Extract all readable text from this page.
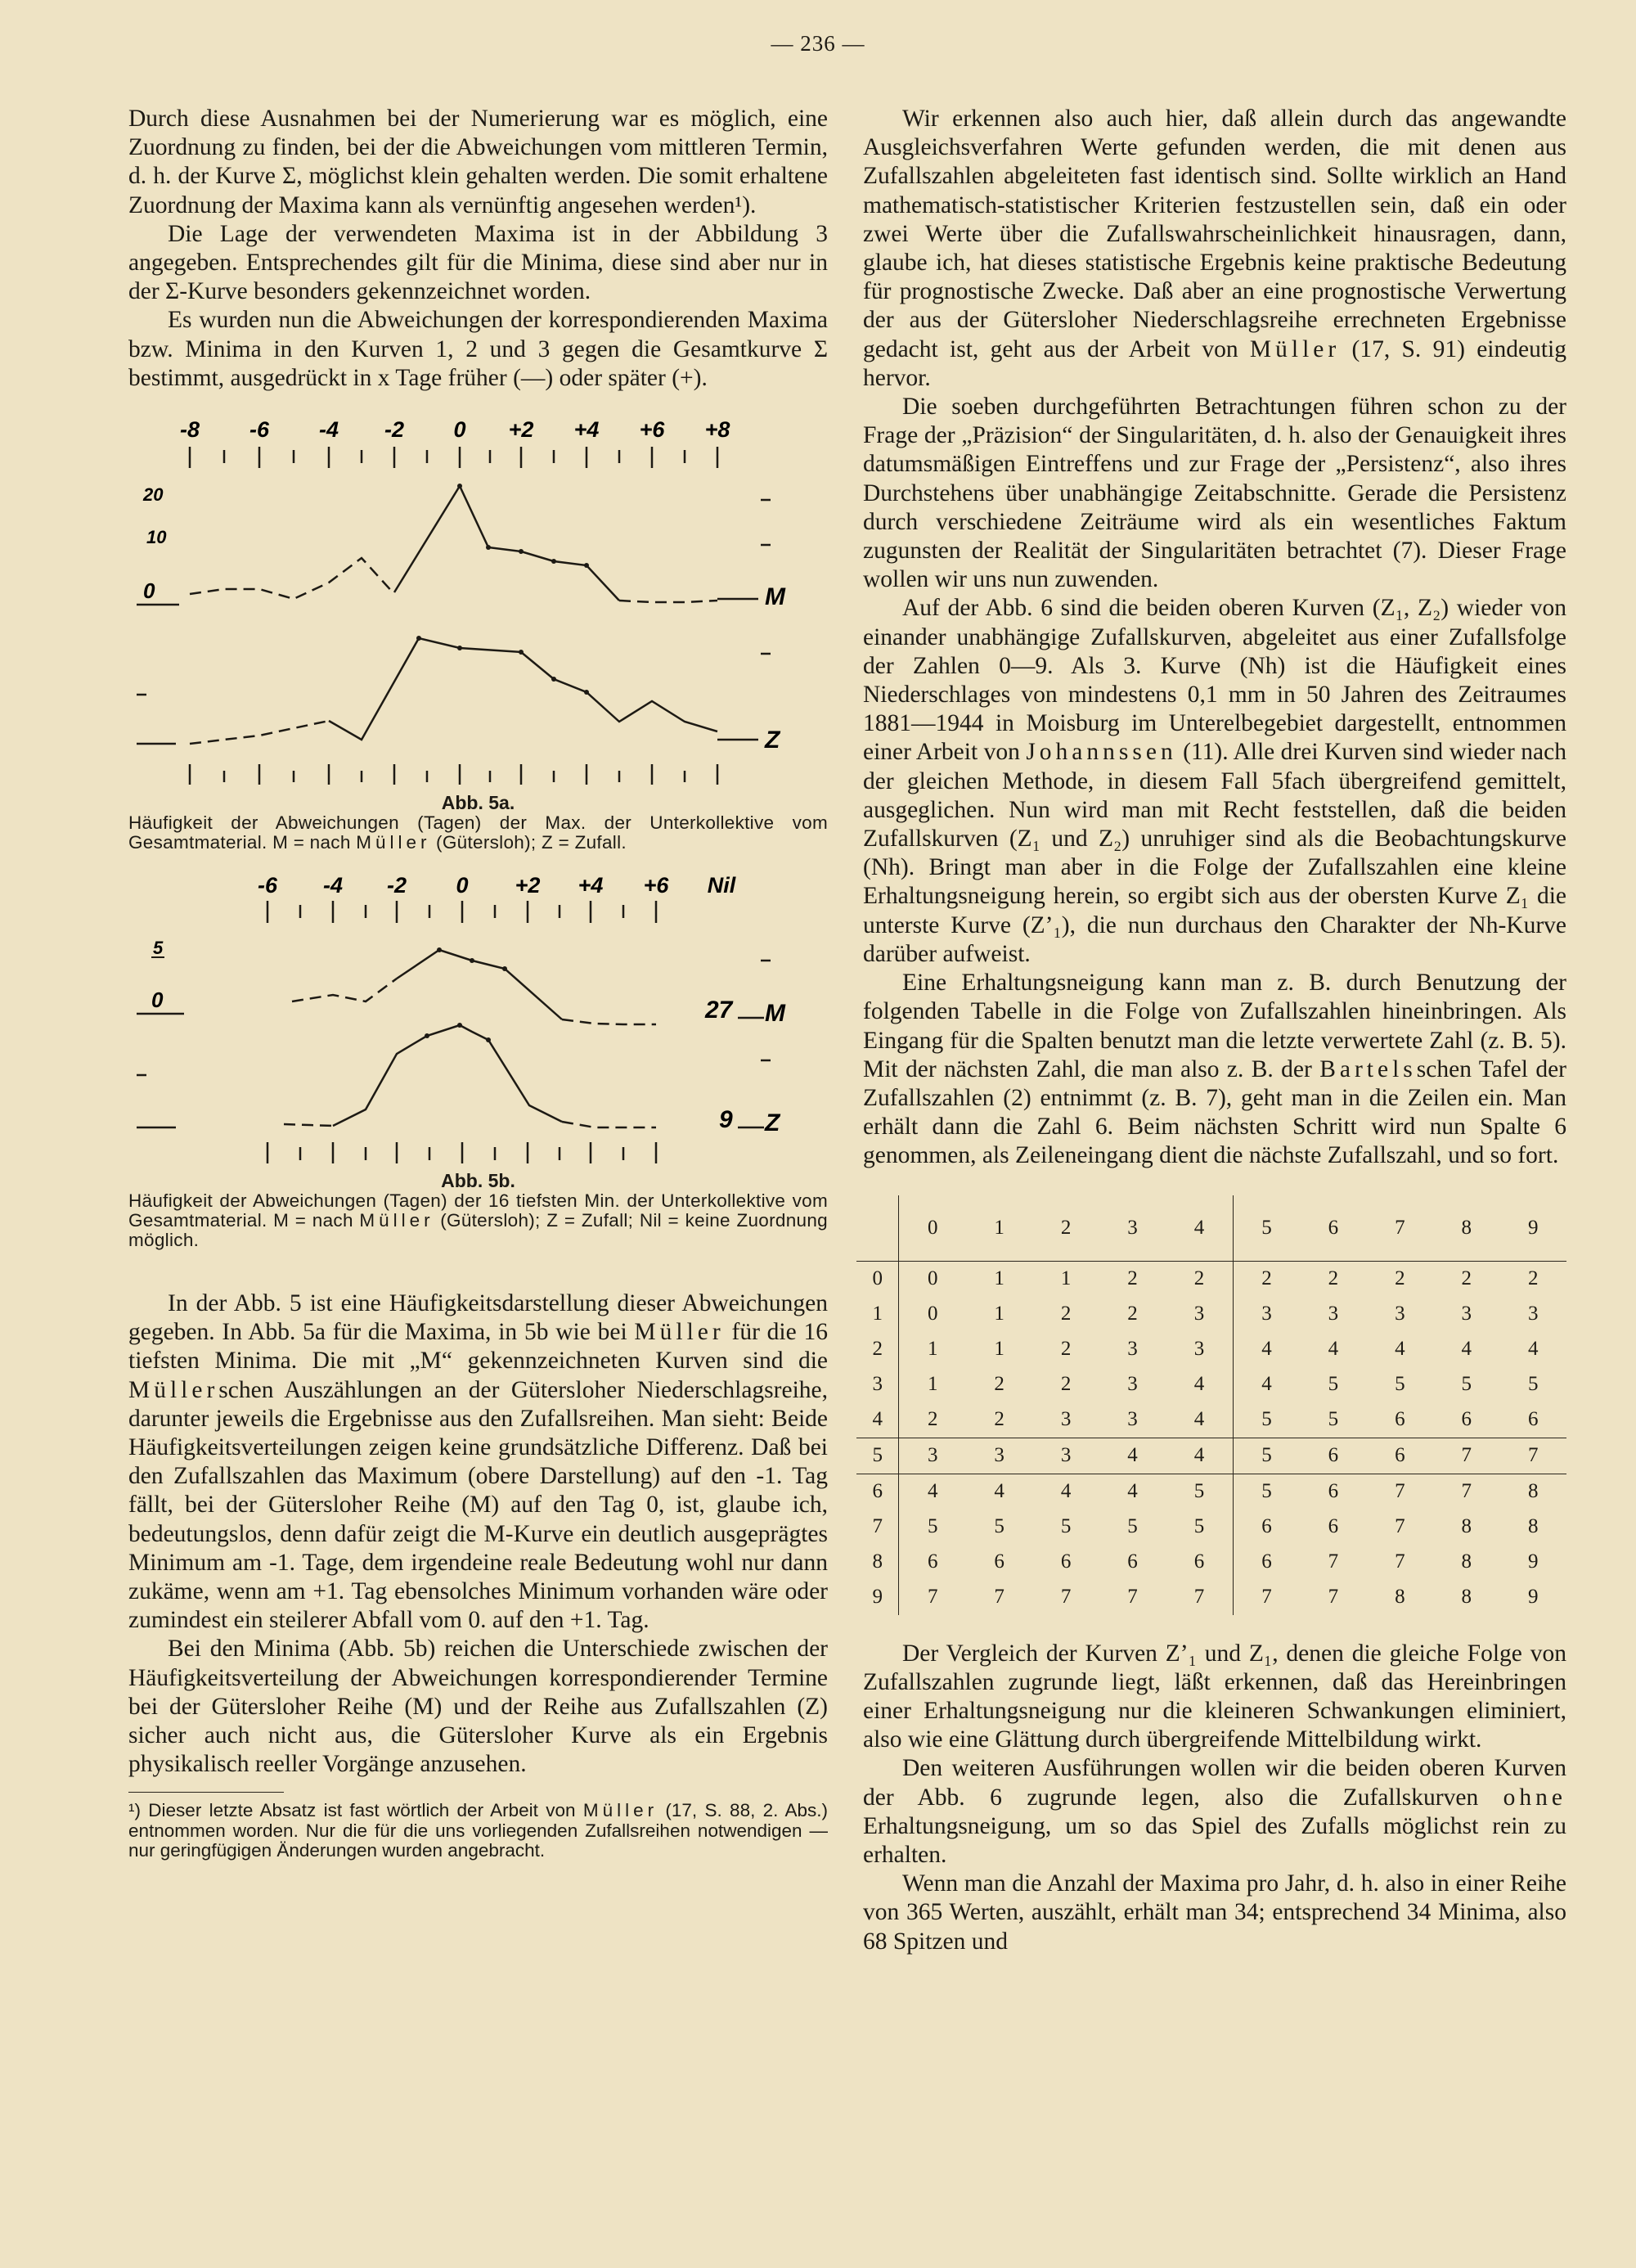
— 236 —

Durch diese Ausnahmen bei der Numerierung war es möglich, eine Zuordnung zu finden, bei der die Abweichungen vom mittleren Termin, d. h. der Kurve Σ, möglichst klein gehalten werden. Die somit erhaltene Zuordnung der Maxima kann als vernünftig angesehen werden¹).

Die Lage der verwendeten Maxima ist in der Abbildung 3 angegeben. Entsprechendes gilt für die Minima, diese sind aber nur in der Σ-Kurve besonders gekennzeichnet worden.

Es wurden nun die Abweichungen der korrespondierenden Maxima bzw. Minima in den Kurven 1, 2 und 3 gegen die Gesamtkurve Σ bestimmt, ausgedrückt in x Tage früher (—) oder später (+).

-8 -6 -4 -2 0 +2 +4 +6 +8
20
10
0	M
Z
Abb. 5a.
Häufigkeit der Abweichungen (Tagen) der Max. der Unterkollektive vom Gesamtmaterial. M = nach Müller (Gütersloh); Z = Zufall.
-6 -4 -2 0 +2 +4 +6 Nil
5
0	27 M
9 Z
Abb. 5b.
Häufigkeit der Abweichungen (Tagen) der 16 tiefsten Min. der Unterkollektive vom Gesamtmaterial. M = nach Müller (Gütersloh); Z = Zufall; Nil = keine Zuordnung möglich.

In der Abb. 5 ist eine Häufigkeitsdarstellung dieser Abweichungen gegeben. In Abb. 5a für die Maxima, in 5b wie bei Müller für die 16 tiefsten Minima. Die mit „M“ gekennzeichneten Kurven sind die Müllerschen Auszählungen an der Gütersloher Niederschlagsreihe, darunter jeweils die Ergebnisse aus den Zufallsreihen. Man sieht: Beide Häufigkeitsverteilungen zeigen keine grundsätzliche Differenz. Daß bei den Zufallszahlen das Maximum (obere Darstellung) auf den -1. Tag fällt, bei der Gütersloher Reihe (M) auf den Tag 0, ist, glaube ich, bedeutungslos, denn dafür zeigt die M-Kurve ein deutlich ausgeprägtes Minimum am -1. Tage, dem irgendeine reale Bedeutung wohl nur dann zukäme, wenn am +1. Tag ebensolches Minimum vorhanden wäre oder zumindest ein steilerer Abfall vom 0. auf den +1. Tag.

Bei den Minima (Abb. 5b) reichen die Unterschiede zwischen der Häufigkeitsverteilung der Abweichungen korrespondierender Termine bei der Gütersloher Reihe (M) und der Reihe aus Zufallszahlen (Z) sicher auch nicht aus, die Gütersloher Kurve als ein Ergebnis physikalisch reeller Vorgänge anzusehen.

¹) Dieser letzte Absatz ist fast wörtlich der Arbeit von Müller (17, S. 88, 2. Abs.) entnommen worden. Nur die für die uns vorliegenden Zufallsreihen notwendigen — nur geringfügigen Änderungen wurden angebracht.

Wir erkennen also auch hier, daß allein durch das angewandte Ausgleichsverfahren Werte gefunden werden, die mit denen aus Zufallszahlen abgeleiteten fast identisch sind. Sollte wirklich an Hand mathematisch-statistischer Kriterien festzustellen sein, daß ein oder zwei Werte über die Zufallswahrscheinlichkeit hinausragen, dann, glaube ich, hat dieses statistische Ergebnis keine praktische Bedeutung für prognostische Zwecke. Daß aber an eine prognostische Verwertung der aus der Gütersloher Niederschlagsreihe errechneten Ergebnisse gedacht ist, geht aus der Arbeit von Müller (17, S. 91) eindeutig hervor.

Die soeben durchgeführten Betrachtungen führen schon zu der Frage der „Präzision“ der Singularitäten, d. h. also der Genauigkeit ihres datumsmäßigen Eintreffens und zur Frage der „Persistenz“, also ihres Durchstehens über unabhängige Zeitabschnitte. Gerade die Persistenz durch verschiedene Zeiträume wird als ein wesentliches Faktum zugunsten der Realität der Singularitäten betrachtet (7). Dieser Frage wollen wir uns nun zuwenden.

Auf der Abb. 6 sind die beiden oberen Kurven (Z₁, Z₂) wieder von einander unabhängige Zufallskurven, abgeleitet aus einer Zufallsfolge der Zahlen 0—9. Als 3. Kurve (Nh) ist die Häufigkeit eines Niederschlages von mindestens 0,1 mm in 50 Jahren des Zeitraumes 1881—1944 in Moisburg im Unterelbegebiet dargestellt, entnommen einer Arbeit von Johannssen (11). Alle drei Kurven sind wieder nach der gleichen Methode, in diesem Fall 5fach übergreifend gemittelt, ausgeglichen. Nun wird man mit Recht feststellen, daß die beiden Zufallskurven (Z₁ und Z₂) unruhiger sind als die Beobachtungskurve (Nh). Bringt man aber in die Folge der Zufallszahlen eine kleine Erhaltungsneigung herein, so ergibt sich aus der obersten Kurve Z₁ die unterste Kurve (Z’₁), die nun durchaus den Charakter der Nh-Kurve darüber aufweist.

Eine Erhaltungsneigung kann man z. B. durch Benutzung der folgenden Tabelle in die Folge von Zufallszahlen hineinbringen. Als Eingang für die Spalten benutzt man die letzte verwertete Zahl (z. B. 5). Mit der nächsten Zahl, die man also z. B. der Bartelsschen Tafel der Zufallszahlen (2) entnimmt (z. B. 7), geht man in die Zeilen ein. Man erhält dann die Zahl 6. Beim nächsten Schritt wird nun Spalte 6 genommen, als Zeileneingang dient die nächste Zufallszahl, und so fort.

	0	1	2	3	4	5	6	7	8	9
0	0	1	1	2	2	2	2	2	2	2
1	0	1	2	2	3	3	3	3	3	3
2	1	1	2	3	3	4	4	4	4	4
3	1	2	2	3	4	4	5	5	5	5
4	2	2	3	3	4	5	5	6	6	6
5	3	3	3	4	4	5	6	6	7	7
6	4	4	4	4	5	5	6	7	7	8
7	5	5	5	5	5	6	6	7	8	8
8	6	6	6	6	6	6	7	7	8	9
9	7	7	7	7	7	7	7	8	8	9

Der Vergleich der Kurven Z’₁ und Z₁, denen die gleiche Folge von Zufallszahlen zugrunde liegt, läßt erkennen, daß das Hereinbringen einer Erhaltungsneigung nur die kleineren Schwankungen eliminiert, also wie eine Glättung durch übergreifende Mittelbildung wirkt.

Den weiteren Ausführungen wollen wir die beiden oberen Kurven der Abb. 6 zugrunde legen, also die Zufallskurven ohne Erhaltungsneigung, um so das Spiel des Zufalls möglichst rein zu erhalten.

Wenn man die Anzahl der Maxima pro Jahr, d. h. also in einer Reihe von 365 Werten, auszählt, erhält man 34; entsprechend 34 Minima, also 68 Spitzen und
